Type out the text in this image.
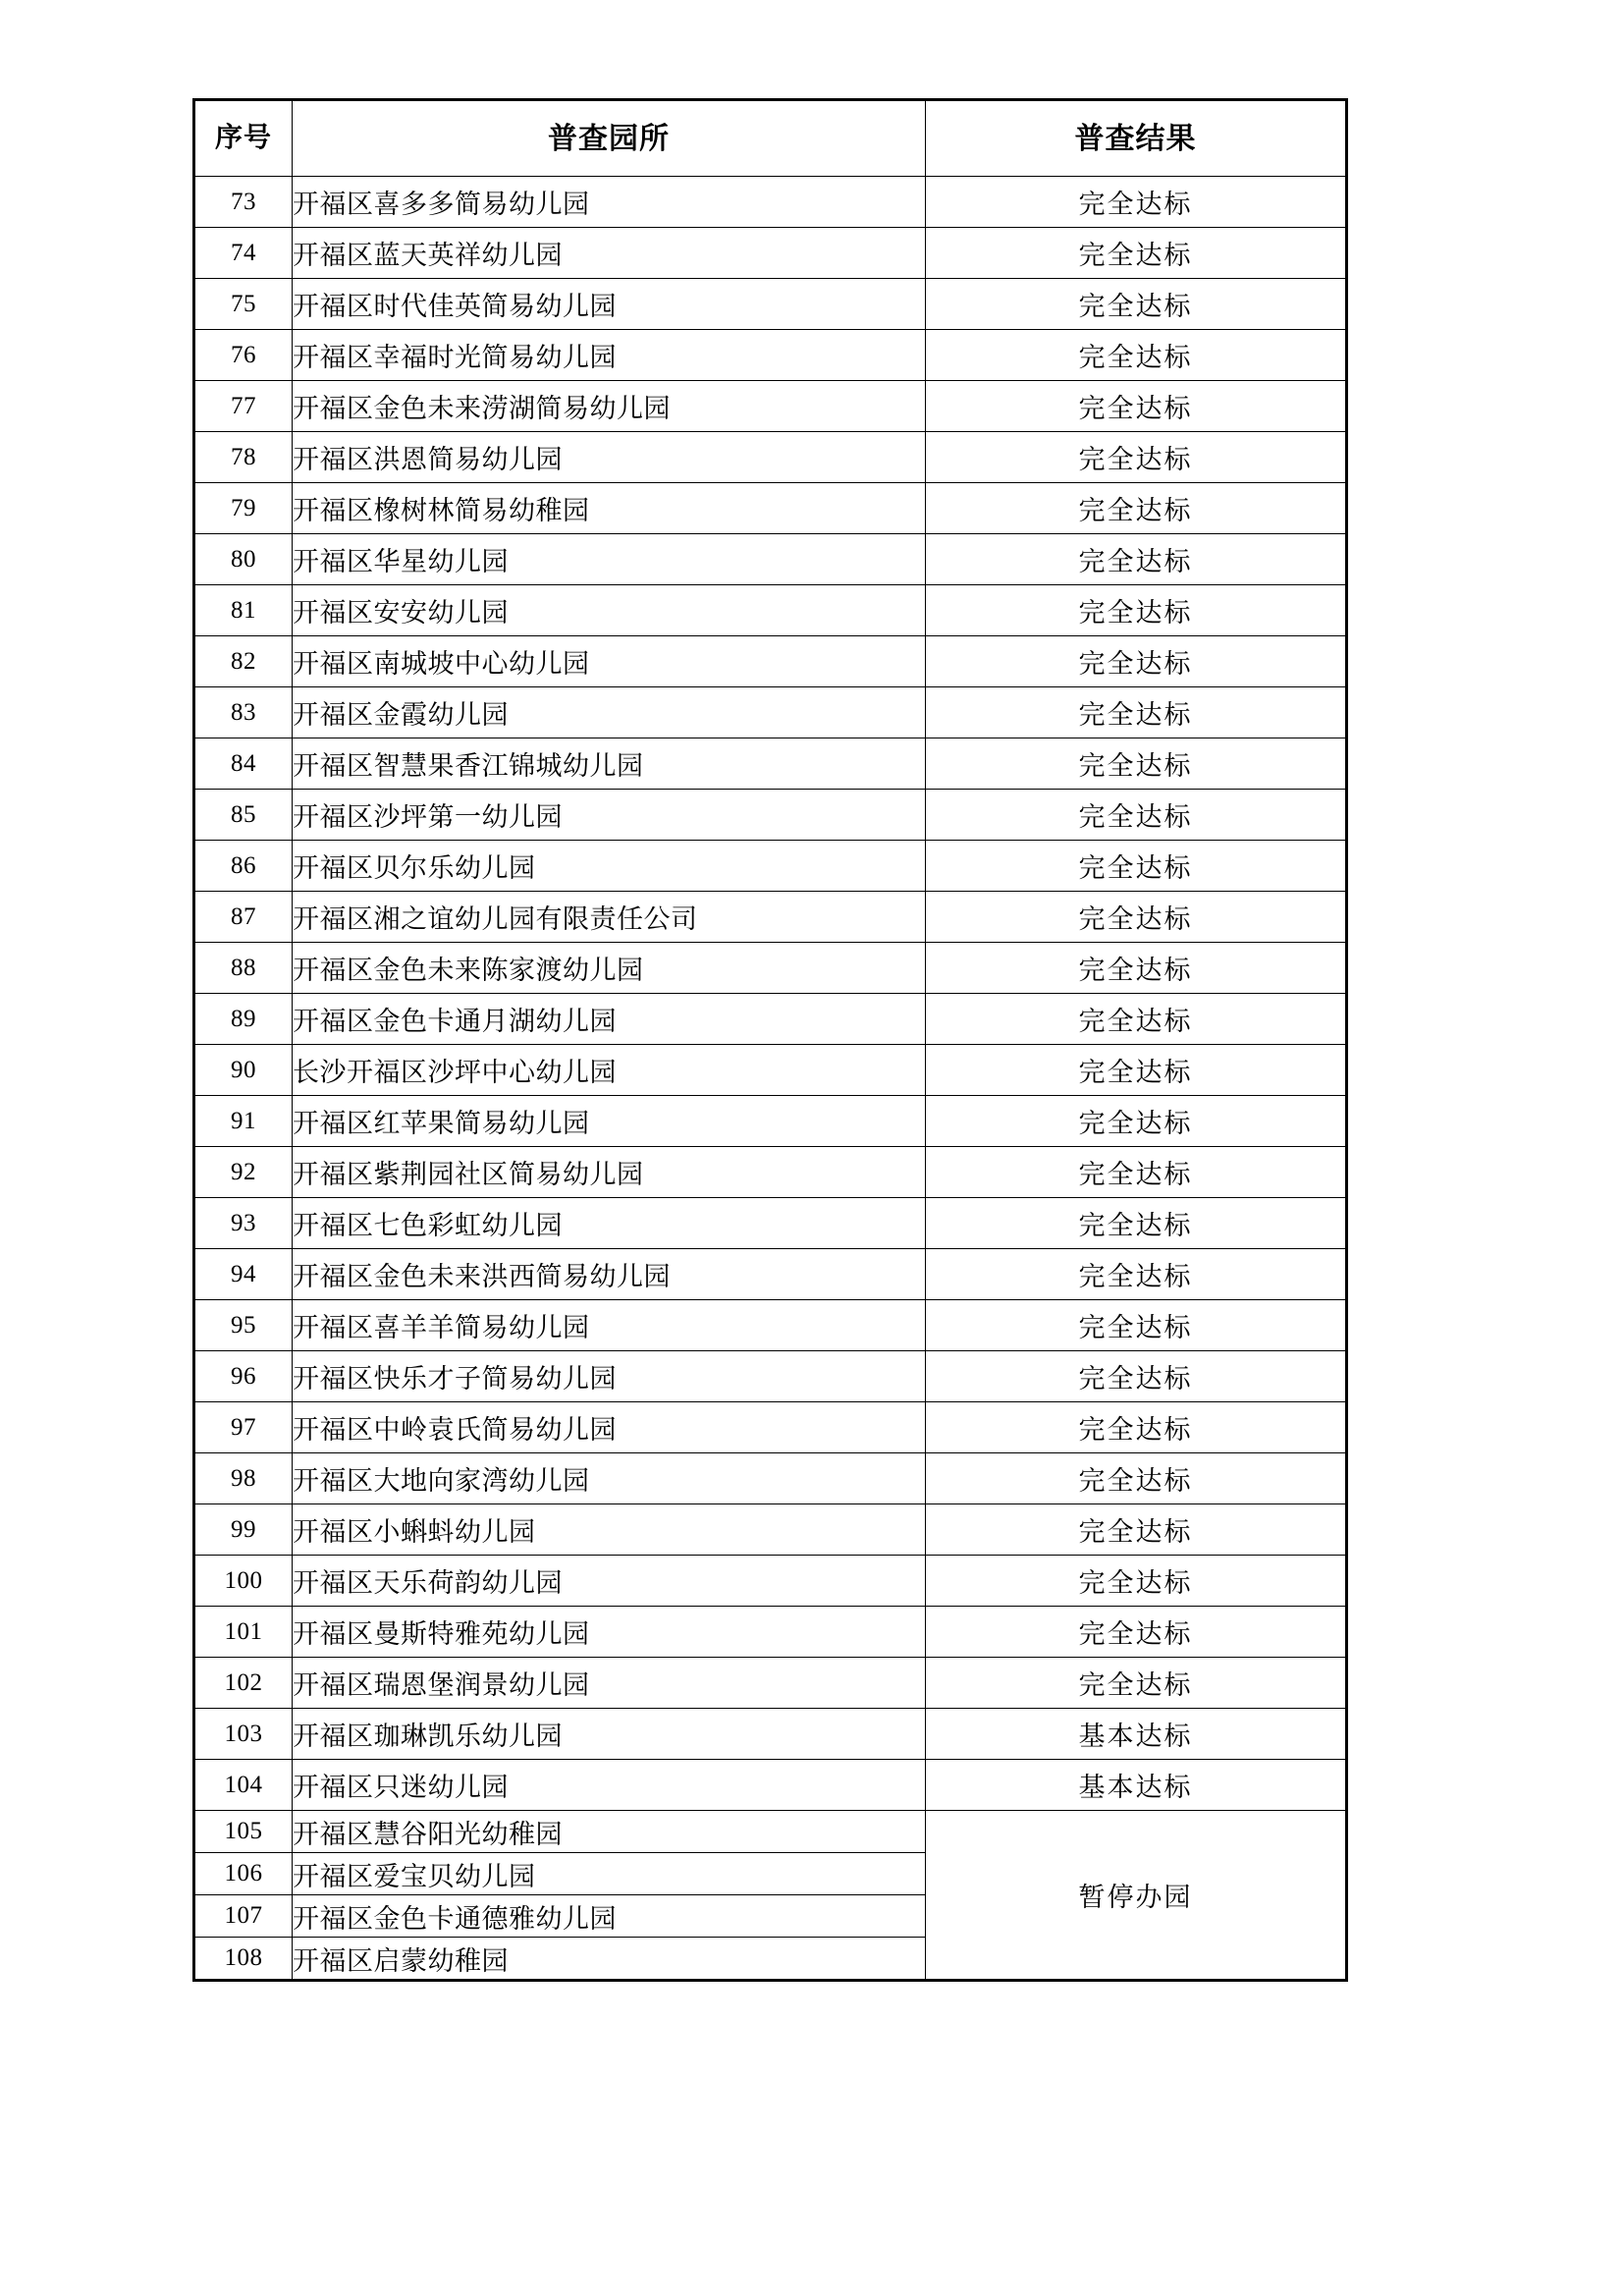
序号	普查园所	普查结果
73	开福区喜多多简易幼儿园	完全达标
74	开福区蓝天英祥幼儿园	完全达标
75	开福区时代佳英简易幼儿园	完全达标
76	开福区幸福时光简易幼儿园	完全达标
77	开福区金色未来涝湖简易幼儿园	完全达标
78	开福区洪恩简易幼儿园	完全达标
79	开福区橡树林简易幼稚园	完全达标
80	开福区华星幼儿园	完全达标
81	开福区安安幼儿园	完全达标
82	开福区南城坡中心幼儿园	完全达标
83	开福区金霞幼儿园	完全达标
84	开福区智慧果香江锦城幼儿园	完全达标
85	开福区沙坪第一幼儿园	完全达标
86	开福区贝尔乐幼儿园	完全达标
87	开福区湘之谊幼儿园有限责任公司	完全达标
88	开福区金色未来陈家渡幼儿园	完全达标
89	开福区金色卡通月湖幼儿园	完全达标
90	长沙开福区沙坪中心幼儿园	完全达标
91	开福区红苹果简易幼儿园	完全达标
92	开福区紫荆园社区简易幼儿园	完全达标
93	开福区七色彩虹幼儿园	完全达标
94	开福区金色未来洪西简易幼儿园	完全达标
95	开福区喜羊羊简易幼儿园	完全达标
96	开福区快乐才子简易幼儿园	完全达标
97	开福区中岭袁氏简易幼儿园	完全达标
98	开福区大地向家湾幼儿园	完全达标
99	开福区小蝌蚪幼儿园	完全达标
100	开福区天乐荷韵幼儿园	完全达标
101	开福区曼斯特雅苑幼儿园	完全达标
102	开福区瑞恩堡润景幼儿园	完全达标
103	开福区珈琳凯乐幼儿园	基本达标
104	开福区只迷幼儿园	基本达标
105	开福区慧谷阳光幼稚园	暂停办园
106	开福区爱宝贝幼儿园	
107	开福区金色卡通德雅幼儿园	
108	开福区启蒙幼稚园	
